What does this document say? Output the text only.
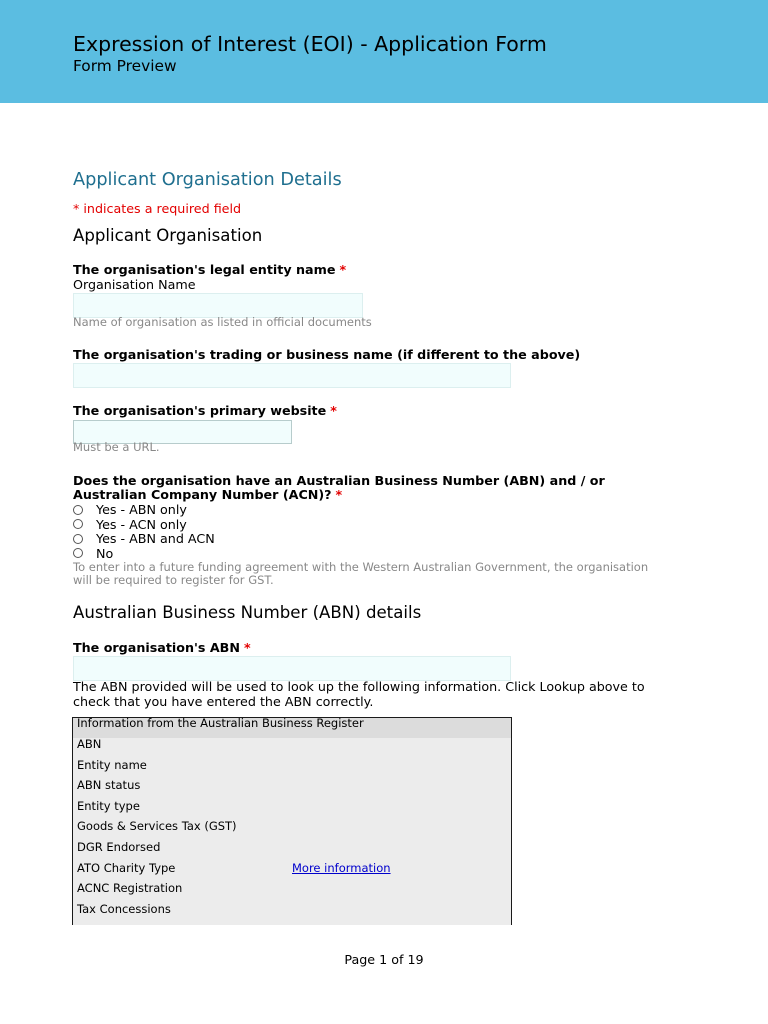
Expression of Interest (EOI) - Application Form
Form Preview
Applicant Organisation Details
* indicates a required field
Applicant Organisation
The organisation's legal entity name *
Organisation Name
Name of organisation as listed in official documents
The organisation's trading or business name (if different to the above)
The organisation's primary website *
Must be a URL.
Does the organisation have an Australian Business Number (ABN) and / or
Australian Company Number (ACN)? *
Yes - ABN only
Yes - ACN only
Yes - ABN and ACN
No
To enter into a future funding agreement with the Western Australian Government, the organisation
will be required to register for GST.
Australian Business Number (ABN) details
The organisation's ABN *
The ABN provided will be used to look up the following information. Click Lookup above to
check that you have entered the ABN correctly.
Information from the Australian Business Register
ABN
Entity name
ABN status
Entity type
Goods & Services Tax (GST)
DGR Endorsed
ATO Charity Type	More information
ACNC Registration
Tax Concessions
Page 1 of 19
